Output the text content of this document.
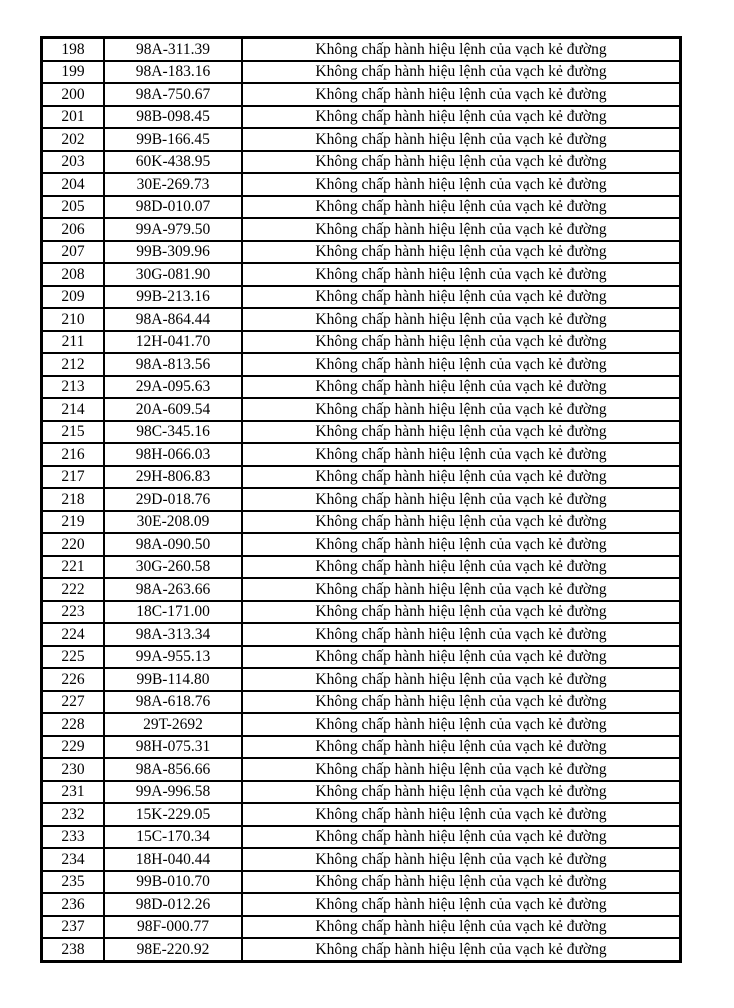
198	98A-311.39	Không chấp hành hiệu lệnh của vạch kẻ đường
199	98A-183.16	Không chấp hành hiệu lệnh của vạch kẻ đường
200	98A-750.67	Không chấp hành hiệu lệnh của vạch kẻ đường
201	98B-098.45	Không chấp hành hiệu lệnh của vạch kẻ đường
202	99B-166.45	Không chấp hành hiệu lệnh của vạch kẻ đường
203	60K-438.95	Không chấp hành hiệu lệnh của vạch kẻ đường
204	30E-269.73	Không chấp hành hiệu lệnh của vạch kẻ đường
205	98D-010.07	Không chấp hành hiệu lệnh của vạch kẻ đường
206	99A-979.50	Không chấp hành hiệu lệnh của vạch kẻ đường
207	99B-309.96	Không chấp hành hiệu lệnh của vạch kẻ đường
208	30G-081.90	Không chấp hành hiệu lệnh của vạch kẻ đường
209	99B-213.16	Không chấp hành hiệu lệnh của vạch kẻ đường
210	98A-864.44	Không chấp hành hiệu lệnh của vạch kẻ đường
211	12H-041.70	Không chấp hành hiệu lệnh của vạch kẻ đường
212	98A-813.56	Không chấp hành hiệu lệnh của vạch kẻ đường
213	29A-095.63	Không chấp hành hiệu lệnh của vạch kẻ đường
214	20A-609.54	Không chấp hành hiệu lệnh của vạch kẻ đường
215	98C-345.16	Không chấp hành hiệu lệnh của vạch kẻ đường
216	98H-066.03	Không chấp hành hiệu lệnh của vạch kẻ đường
217	29H-806.83	Không chấp hành hiệu lệnh của vạch kẻ đường
218	29D-018.76	Không chấp hành hiệu lệnh của vạch kẻ đường
219	30E-208.09	Không chấp hành hiệu lệnh của vạch kẻ đường
220	98A-090.50	Không chấp hành hiệu lệnh của vạch kẻ đường
221	30G-260.58	Không chấp hành hiệu lệnh của vạch kẻ đường
222	98A-263.66	Không chấp hành hiệu lệnh của vạch kẻ đường
223	18C-171.00	Không chấp hành hiệu lệnh của vạch kẻ đường
224	98A-313.34	Không chấp hành hiệu lệnh của vạch kẻ đường
225	99A-955.13	Không chấp hành hiệu lệnh của vạch kẻ đường
226	99B-114.80	Không chấp hành hiệu lệnh của vạch kẻ đường
227	98A-618.76	Không chấp hành hiệu lệnh của vạch kẻ đường
228	29T-2692	Không chấp hành hiệu lệnh của vạch kẻ đường
229	98H-075.31	Không chấp hành hiệu lệnh của vạch kẻ đường
230	98A-856.66	Không chấp hành hiệu lệnh của vạch kẻ đường
231	99A-996.58	Không chấp hành hiệu lệnh của vạch kẻ đường
232	15K-229.05	Không chấp hành hiệu lệnh của vạch kẻ đường
233	15C-170.34	Không chấp hành hiệu lệnh của vạch kẻ đường
234	18H-040.44	Không chấp hành hiệu lệnh của vạch kẻ đường
235	99B-010.70	Không chấp hành hiệu lệnh của vạch kẻ đường
236	98D-012.26	Không chấp hành hiệu lệnh của vạch kẻ đường
237	98F-000.77	Không chấp hành hiệu lệnh của vạch kẻ đường
238	98E-220.92	Không chấp hành hiệu lệnh của vạch kẻ đường
